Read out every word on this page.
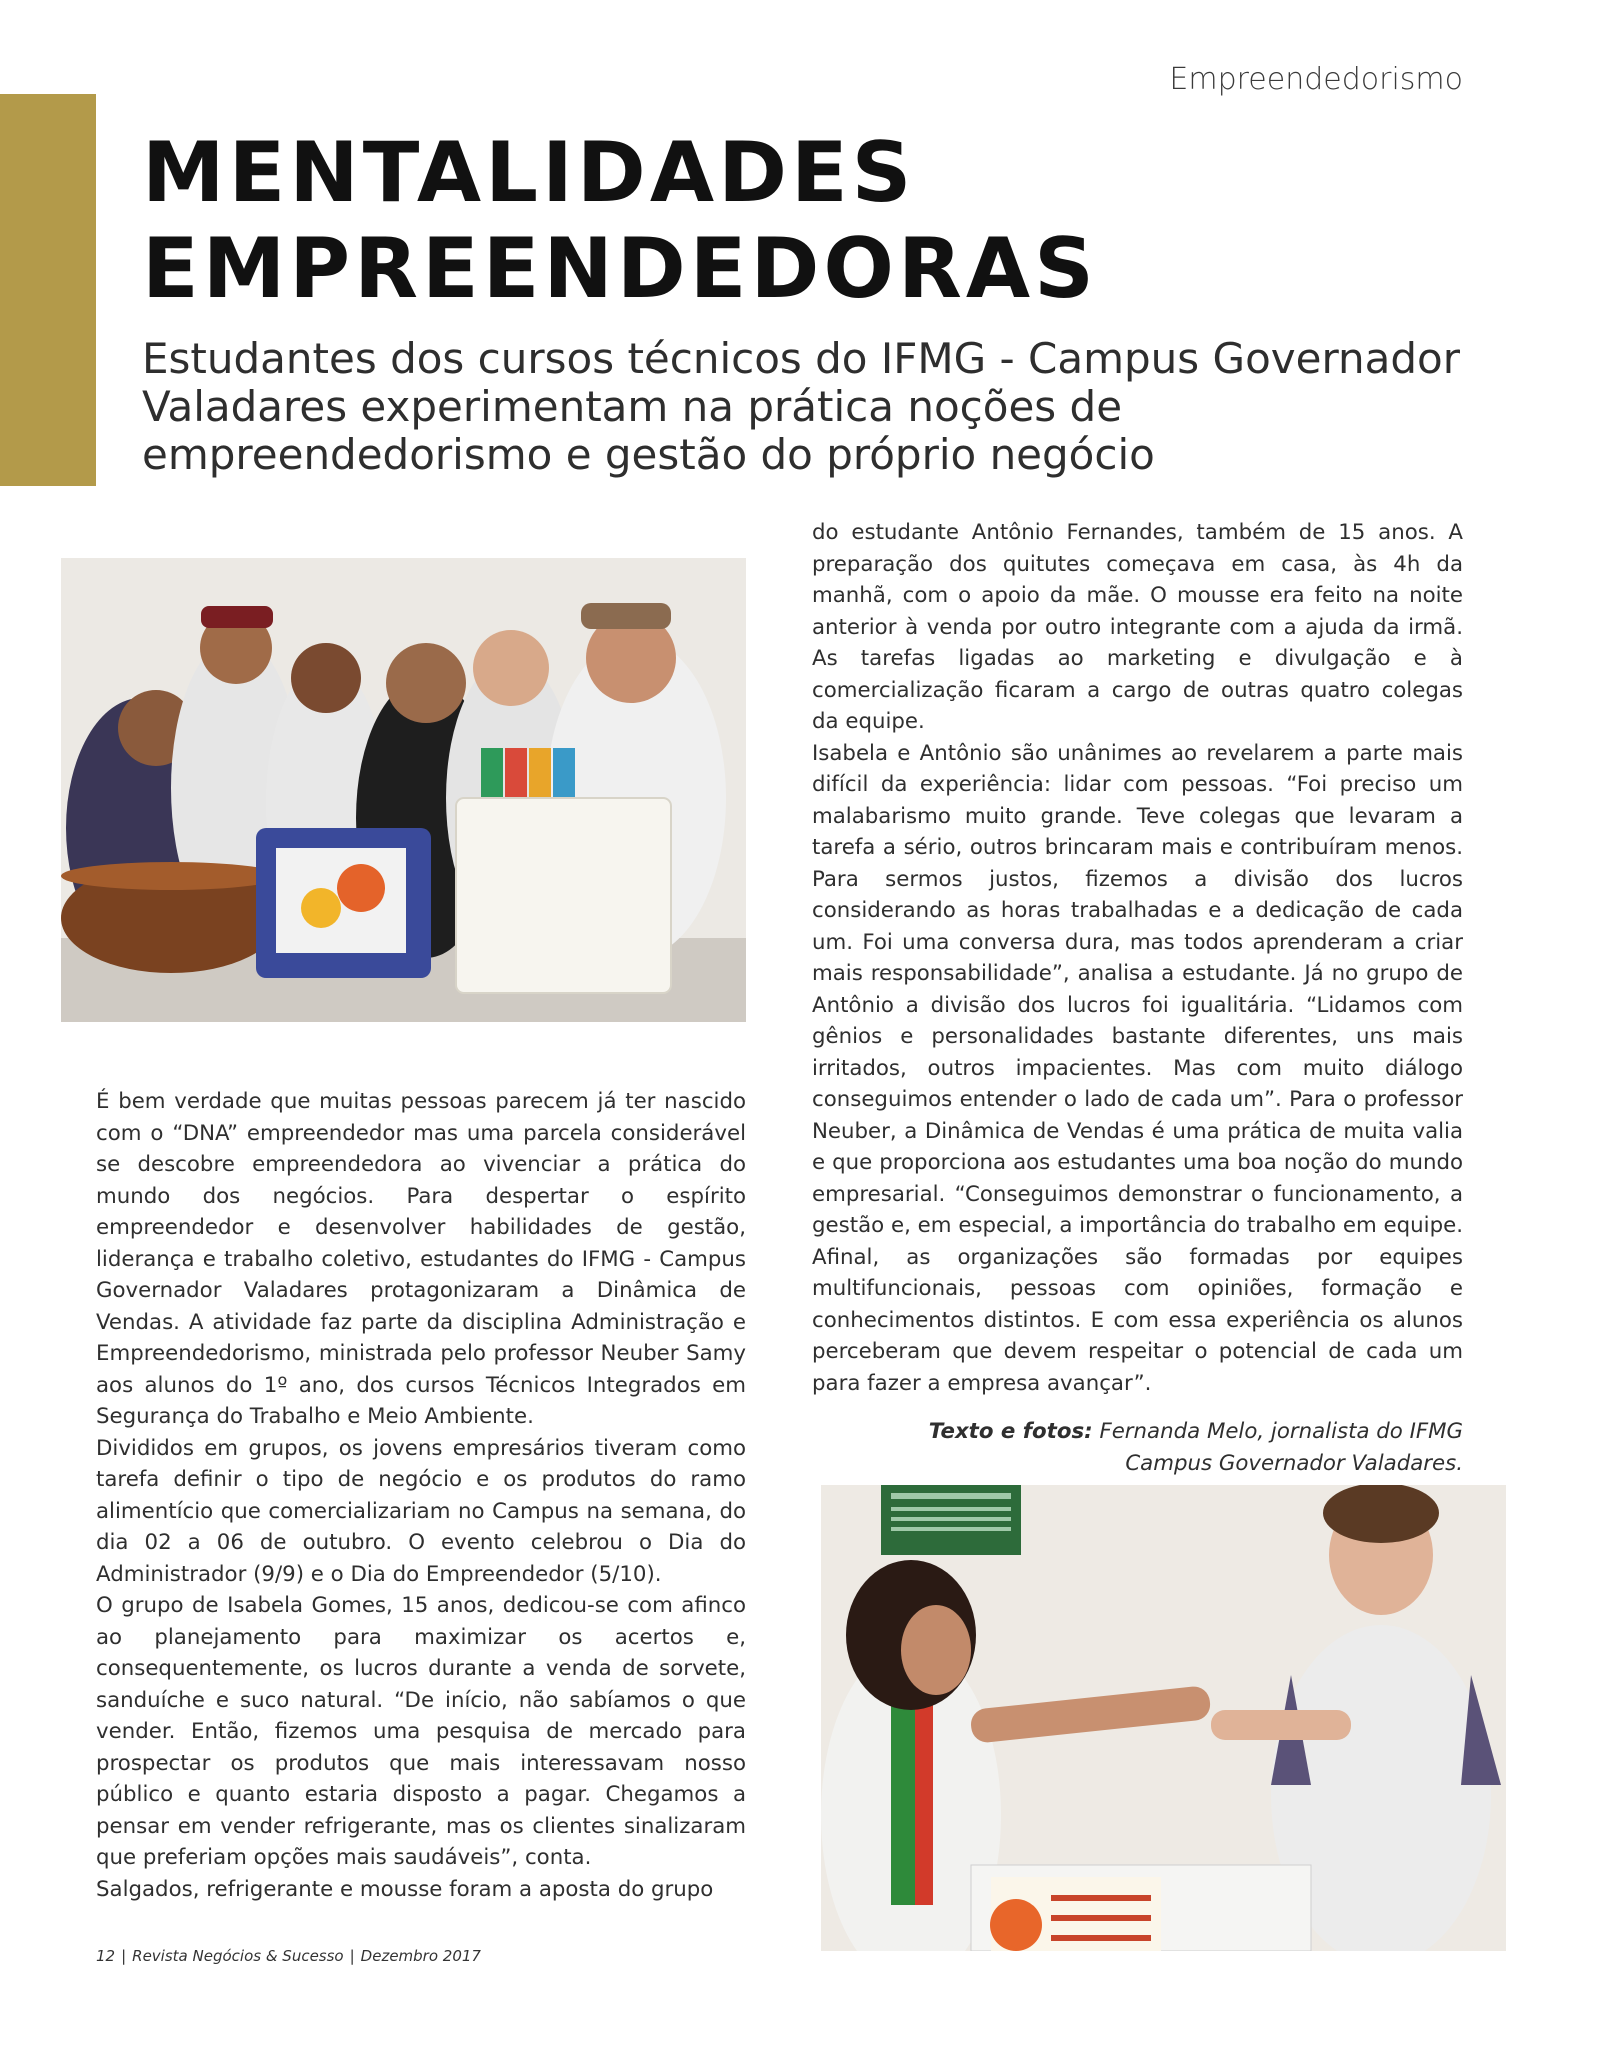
Empreendedorismo
MENTALIDADES
EMPREENDEDORAS
Estudantes dos cursos técnicos do IFMG - Campus Governador Valadares experimentam na prática noções de empreendedorismo e gestão do próprio negócio

É bem verdade que muitas pessoas parecem já ter nascido com o “DNA” empreendedor mas uma parcela considerável se descobre empreendedora ao vivenciar a prática do mundo dos negócios. Para despertar o espírito empreendedor e desenvolver habilidades de gestão, liderança e trabalho coletivo, estudantes do IFMG - Campus Governador Valadares protagonizaram a Dinâmica de Vendas. A atividade faz parte da disciplina Administração e Empreendedorismo, ministrada pelo professor Neuber Samy aos alunos do 1º ano, dos cursos Técnicos Integrados em Segurança do Trabalho e Meio Ambiente.

Divididos em grupos, os jovens empresários tiveram como tarefa definir o tipo de negócio e os produtos do ramo alimentício que comercializariam no Campus na semana, do dia 02 a 06 de outubro. O evento celebrou o Dia do Administrador (9/9) e o Dia do Empreendedor (5/10).

O grupo de Isabela Gomes, 15 anos, dedicou-se com afinco ao planejamento para maximizar os acertos e, consequentemente, os lucros durante a venda de sorvete, sanduíche e suco natural. “De início, não sabíamos o que vender. Então, fizemos uma pesquisa de mercado para prospectar os produtos que mais interessavam nosso público e quanto estaria disposto a pagar. Chegamos a pensar em vender refrigerante, mas os clientes sinalizaram que preferiam opções mais saudáveis”, conta.

Salgados, refrigerante e mousse foram a aposta do grupo

do estudante Antônio Fernandes, também de 15 anos. A preparação dos quitutes começava em casa, às 4h da manhã, com o apoio da mãe. O mousse era feito na noite anterior à venda por outro integrante com a ajuda da irmã. As tarefas ligadas ao marketing e divulgação e à comercialização ficaram a cargo de outras quatro colegas da equipe.

Isabela e Antônio são unânimes ao revelarem a parte mais difícil da experiência: lidar com pessoas. “Foi preciso um malabarismo muito grande. Teve colegas que levaram a tarefa a sério, outros brincaram mais e contribuíram menos. Para sermos justos, fizemos a divisão dos lucros considerando as horas trabalhadas e a dedicação de cada um. Foi uma conversa dura, mas todos aprenderam a criar mais responsabilidade”, analisa a estudante. Já no grupo de Antônio a divisão dos lucros foi igualitária. “Lidamos com gênios e personalidades bastante diferentes, uns mais irritados, outros impacientes. Mas com muito diálogo conseguimos entender o lado de cada um”. Para o professor Neuber, a Dinâmica de Vendas é uma prática de muita valia e que proporciona aos estudantes uma boa noção do mundo empresarial. “Conseguimos demonstrar o funcionamento, a gestão e, em especial, a importância do trabalho em equipe. Afinal, as organizações são formadas por equipes multifuncionais, pessoas com opiniões, formação e conhecimentos distintos. E com essa experiência os alunos perceberam que devem respeitar o potencial de cada um para fazer a empresa avançar”.

Texto e fotos: Fernanda Melo, jornalista do IFMG
Campus Governador Valadares.

12 | Revista Negócios & Sucesso | Dezembro 2017
